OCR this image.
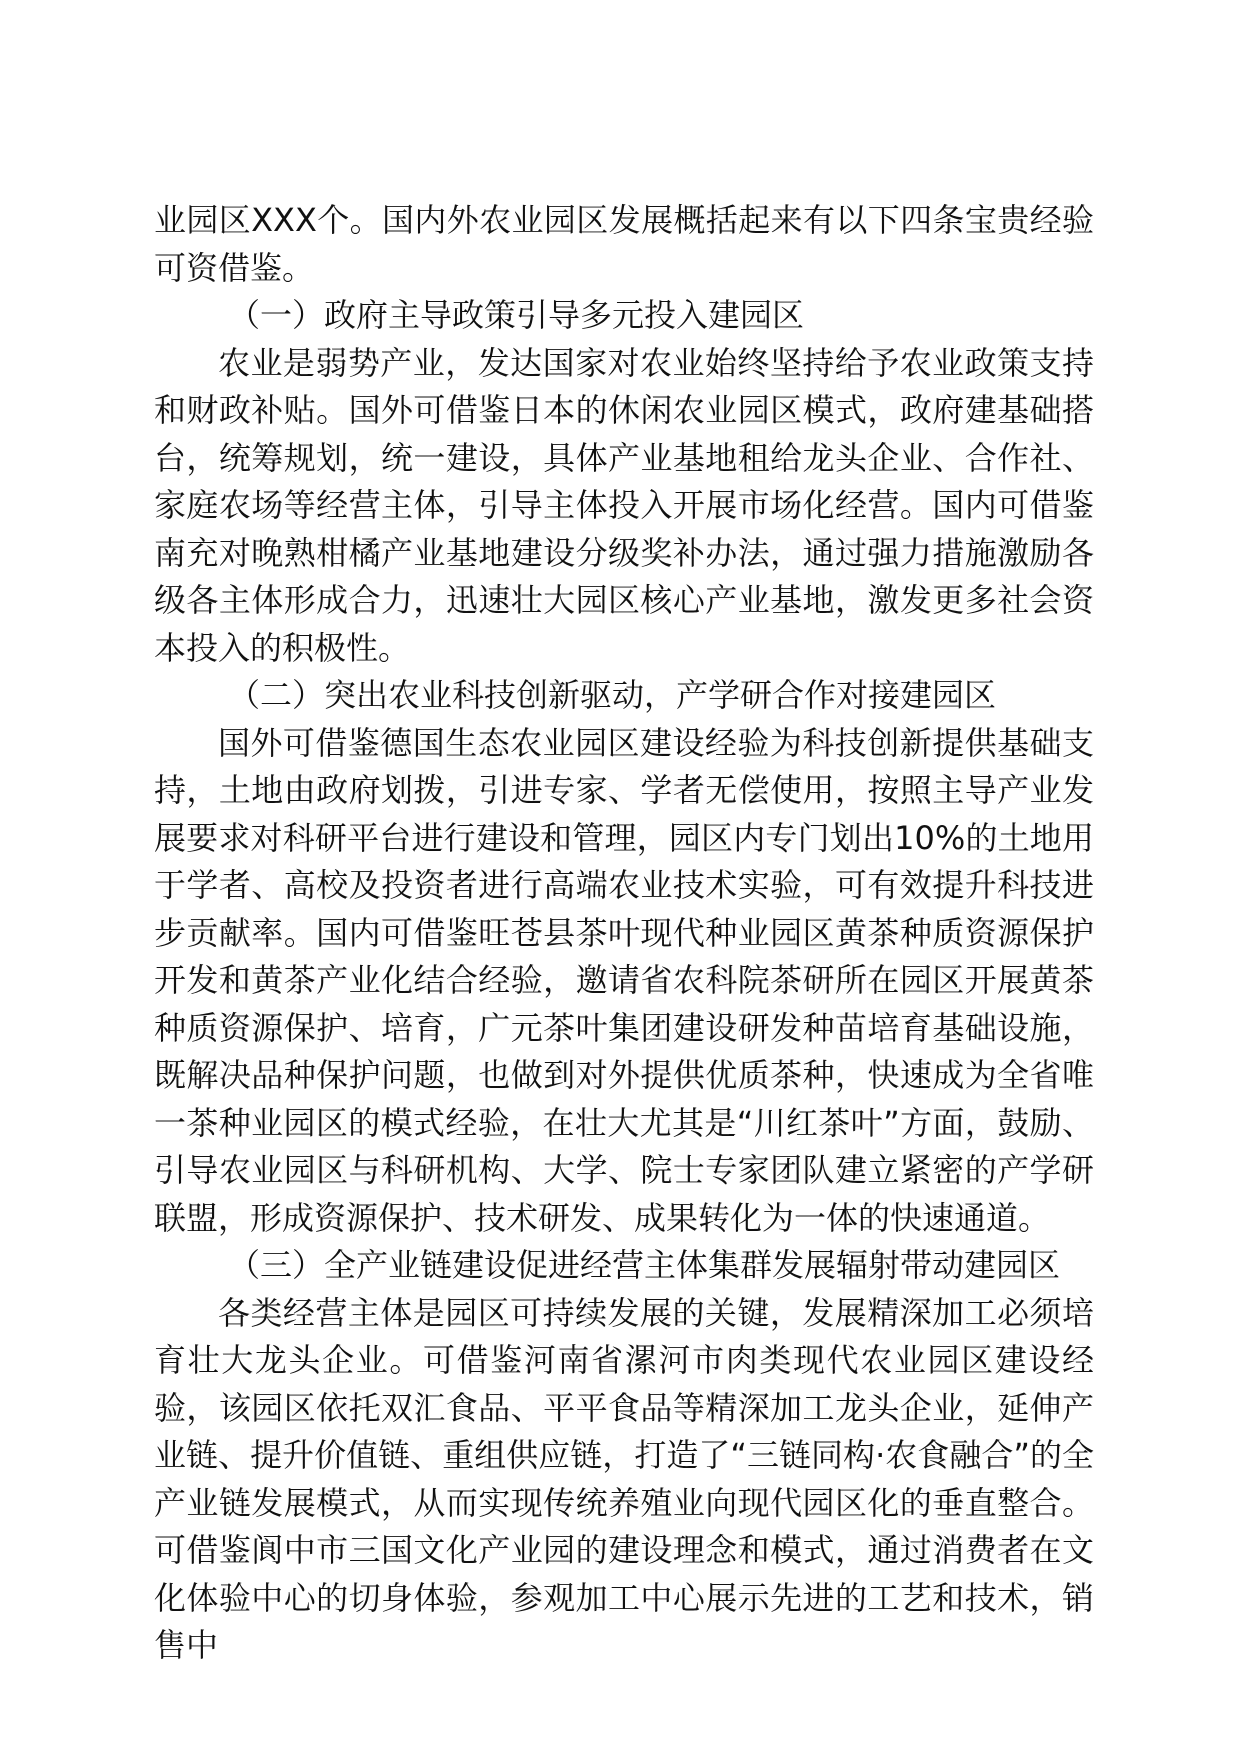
业园区XXX个。国内外农业园区发展概括起来有以下四条宝贵经验可资借鉴。

（一）政府主导政策引导多元投入建园区

农业是弱势产业，发达国家对农业始终坚持给予农业政策支持和财政补贴。国外可借鉴日本的休闲农业园区模式，政府建基础搭台，统筹规划，统一建设，具体产业基地租给龙头企业、合作社、家庭农场等经营主体，引导主体投入开展市场化经营。国内可借鉴南充对晚熟柑橘产业基地建设分级奖补办法，通过强力措施激励各级各主体形成合力，迅速壮大园区核心产业基地，激发更多社会资本投入的积极性。

（二）突出农业科技创新驱动，产学研合作对接建园区

国外可借鉴德国生态农业园区建设经验为科技创新提供基础支持，土地由政府划拨，引进专家、学者无偿使用，按照主导产业发展要求对科研平台进行建设和管理，园区内专门划出10%的土地用于学者、高校及投资者进行高端农业技术实验，可有效提升科技进步贡献率。国内可借鉴旺苍县茶叶现代种业园区黄茶种质资源保护开发和黄茶产业化结合经验，邀请省农科院茶研所在园区开展黄茶种质资源保护、培育，广元茶叶集团建设研发种苗培育基础设施，既解决品种保护问题，也做到对外提供优质茶种，快速成为全省唯一茶种业园区的模式经验，在壮大尤其是“川红茶叶”方面，鼓励、引导农业园区与科研机构、大学、院士专家团队建立紧密的产学研联盟，形成资源保护、技术研发、成果转化为一体的快速通道。

（三）全产业链建设促进经营主体集群发展辐射带动建园区

各类经营主体是园区可持续发展的关键，发展精深加工必须培育壮大龙头企业。可借鉴河南省漯河市肉类现代农业园区建设经验，该园区依托双汇食品、平平食品等精深加工龙头企业，延伸产业链、提升价值链、重组供应链，打造了“三链同构·农食融合”的全产业链发展模式，从而实现传统养殖业向现代园区化的垂直整合。可借鉴阆中市三国文化产业园的建设理念和模式，通过消费者在文化体验中心的切身体验，参观加工中心展示先进的工艺和技术，销售中
